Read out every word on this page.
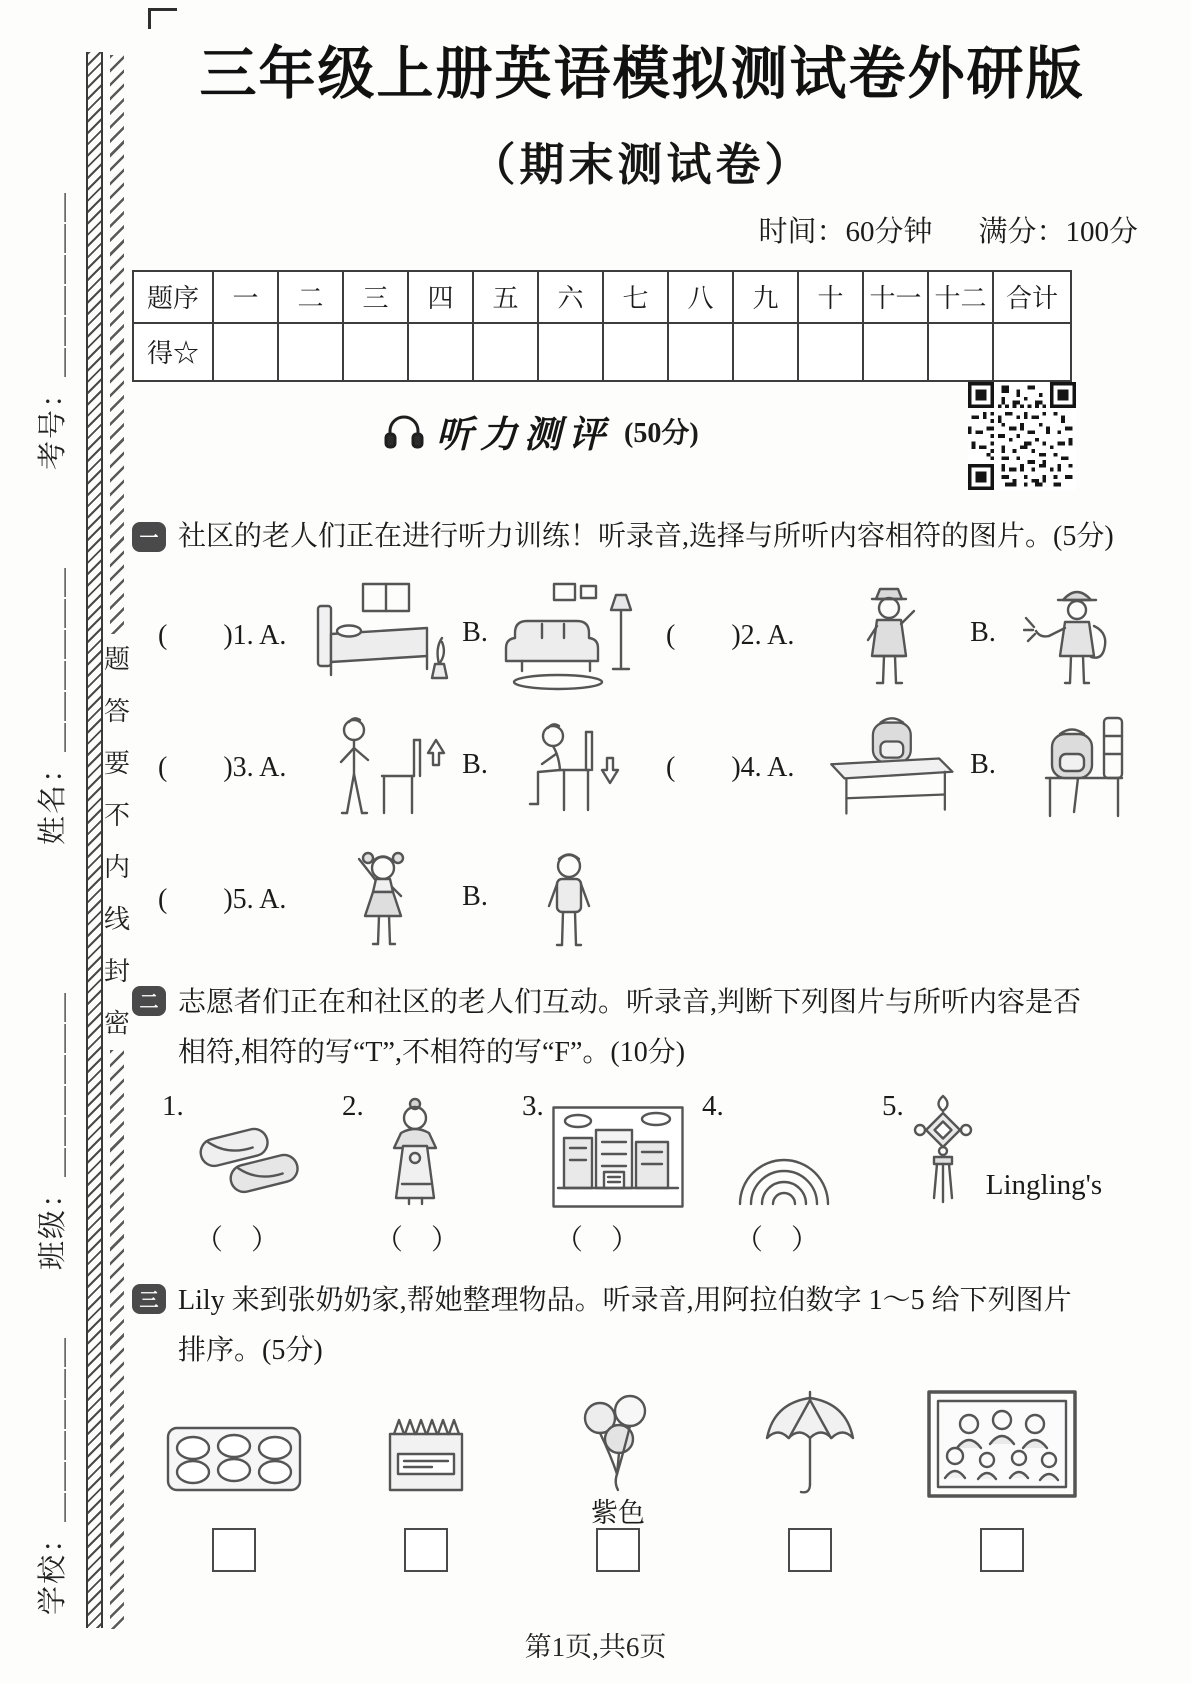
题
答
要
不
内
线
封
密
考号：＿＿＿＿＿＿
姓名：＿＿＿＿＿＿
班级：＿＿＿＿＿＿
学校：＿＿＿＿＿＿
三年级上册英语模拟测试卷外研版
（期末测试卷）
时间：60分钟 满分：100分
题序	一	二	三	四	五	六	七	八	九	十	十一	十二	合计
得☆													
听力测评 (50分)
一 社区的老人们正在进行听力训练！听录音,选择与所听内容相符的图片。(5分)
(　　)1. A.	B.	(　　)2. A.	B.
(　　)3. A.	B.	(　　)4. A.	B.
(　　)5. A.	B.
二 志愿者们正在和社区的老人们互动。听录音,判断下列图片与所听内容是否
相符,相符的写“T”,不相符的写“F”。(10分)
1.
（　）
2.
（　）
3.
（　）
4.
（　）
5.
Lingling's
三 Lily 来到张奶奶家,帮她整理物品。听录音,用阿拉伯数字 1～5 给下列图片
排序。(5分)
紫色
第1页,共6页
